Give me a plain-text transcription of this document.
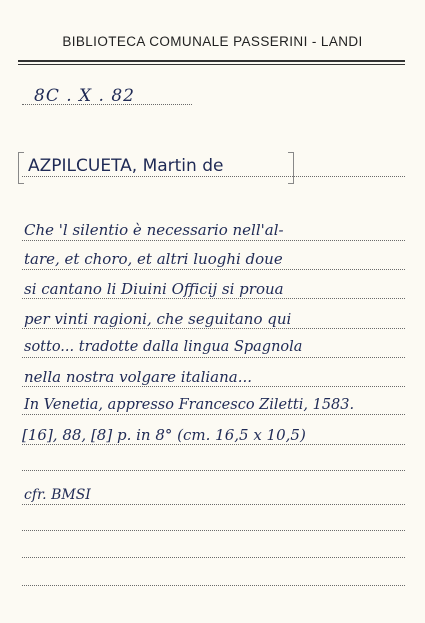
BIBLIOTECA COMUNALE PASSERINI - LANDI
8C . X . 82
AZPILCUETA, Martin de
Che 'l silentio è necessario nell'al-
tare, et choro, et altri luoghi doue
si cantano li Diuini Officij si proua
per vinti ragioni, che seguitano qui
sotto... tradotte dalla lingua Spagnola
nella nostra volgare italiana...
In Venetia, appresso Francesco Ziletti, 1583.
[16], 88, [8] p. in 8° (cm. 16,5 x 10,5)
cfr. BMSI
